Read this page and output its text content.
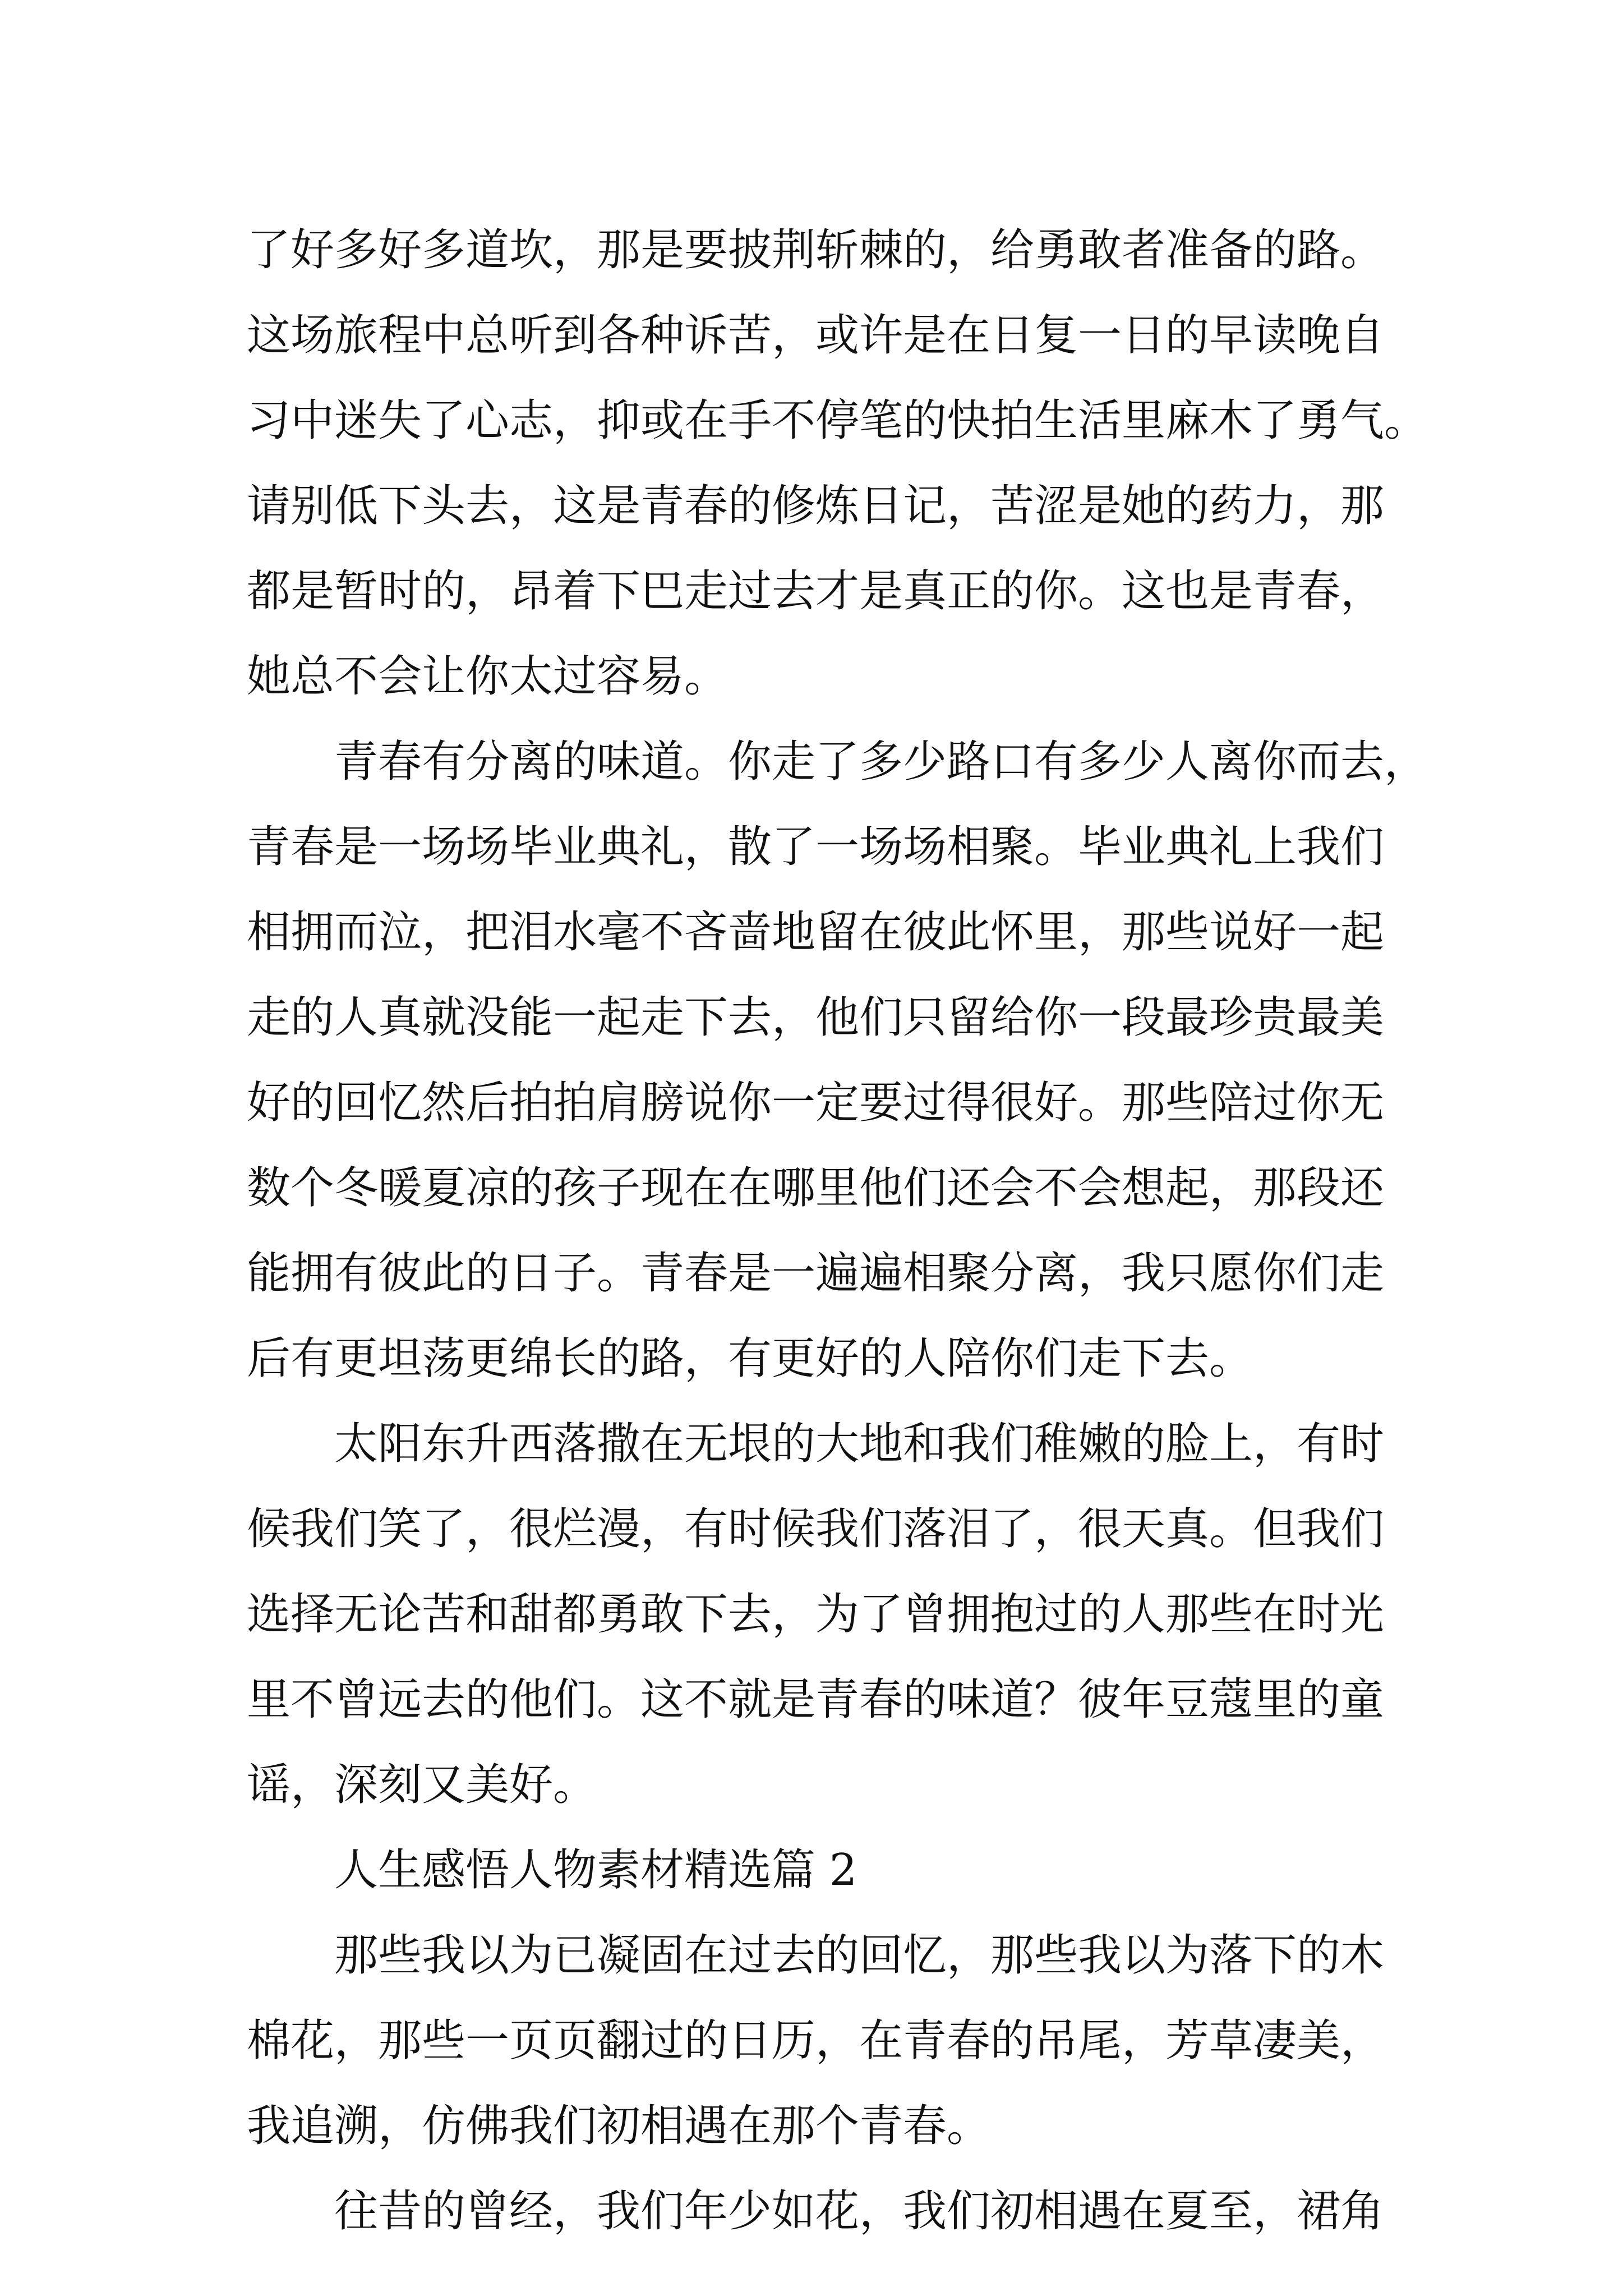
了好多好多道坎，那是要披荆斩棘的，给勇敢者准备的路。
这场旅程中总听到各种诉苦，或许是在日复一日的早读晚自
习中迷失了心志，抑或在手不停笔的快拍生活里麻木了勇气。
请别低下头去，这是青春的修炼日记，苦涩是她的药力，那
都是暂时的，昂着下巴走过去才是真正的你。这也是青春，
她总不会让你太过容易。
青春有分离的味道。你走了多少路口有多少人离你而去，
青春是一场场毕业典礼，散了一场场相聚。毕业典礼上我们
相拥而泣，把泪水毫不吝啬地留在彼此怀里，那些说好一起
走的人真就没能一起走下去，他们只留给你一段最珍贵最美
好的回忆然后拍拍肩膀说你一定要过得很好。那些陪过你无
数个冬暖夏凉的孩子现在在哪里他们还会不会想起，那段还
能拥有彼此的日子。青春是一遍遍相聚分离，我只愿你们走
后有更坦荡更绵长的路，有更好的人陪你们走下去。
太阳东升西落撒在无垠的大地和我们稚嫩的脸上，有时
候我们笑了，很烂漫，有时候我们落泪了，很天真。但我们
选择无论苦和甜都勇敢下去，为了曾拥抱过的人那些在时光
里不曾远去的他们。这不就是青春的味道？彼年豆蔻里的童
谣，深刻又美好。
人生感悟人物素材精选篇 2
那些我以为已凝固在过去的回忆，那些我以为落下的木
棉花，那些一页页翻过的日历，在青春的吊尾，芳草凄美，
我追溯，仿佛我们初相遇在那个青春。
往昔的曾经，我们年少如花，我们初相遇在夏至，裙角
